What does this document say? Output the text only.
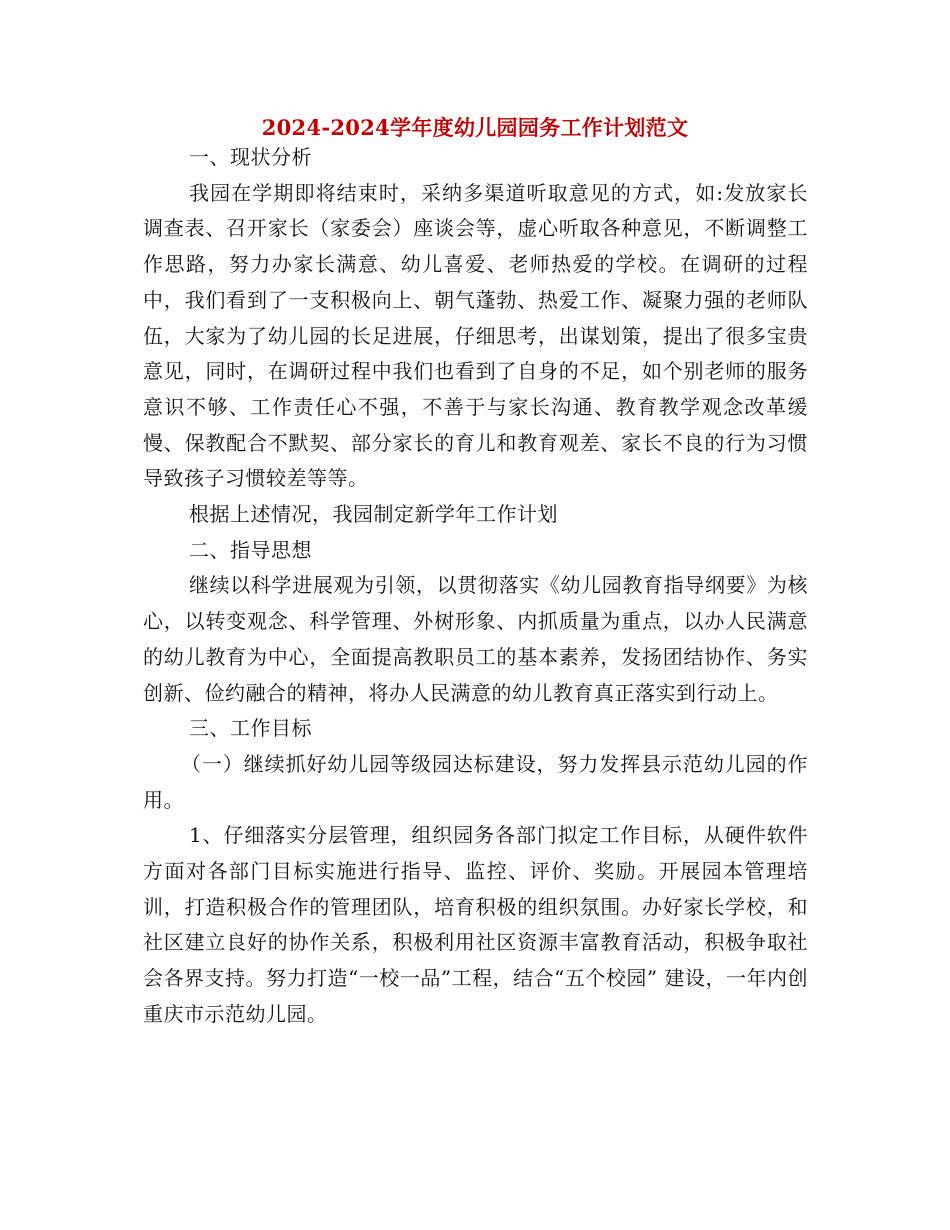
2024-2024学年度幼儿园园务工作计划范文

一、现状分析

我园在学期即将结束时，采纳多渠道听取意见的方式，如:发放家长调查表、召开家长（家委会）座谈会等，虚心听取各种意见，不断调整工作思路，努力办家长满意、幼儿喜爱、老师热爱的学校。在调研的过程中，我们看到了一支积极向上、朝气蓬勃、热爱工作、凝聚力强的老师队伍，大家为了幼儿园的长足进展，仔细思考，出谋划策，提出了很多宝贵意见，同时，在调研过程中我们也看到了自身的不足，如个别老师的服务意识不够、工作责任心不强，不善于与家长沟通、教育教学观念改革缓慢、保教配合不默契、部分家长的育儿和教育观差、家长不良的行为习惯导致孩子习惯较差等等。

根据上述情况，我园制定新学年工作计划

二、指导思想

继续以科学进展观为引领，以贯彻落实《幼儿园教育指导纲要》为核心，以转变观念、科学管理、外树形象、内抓质量为重点，以办人民满意的幼儿教育为中心，全面提高教职员工的基本素养，发扬团结协作、务实创新、俭约融合的精神，将办人民满意的幼儿教育真正落实到行动上。

三、工作目标

（一）继续抓好幼儿园等级园达标建设，努力发挥县示范幼儿园的作用。

1、仔细落实分层管理，组织园务各部门拟定工作目标，从硬件软件方面对各部门目标实施进行指导、监控、评价、奖励。开展园本管理培训，打造积极合作的管理团队，培育积极的组织氛围。办好家长学校，和社区建立良好的协作关系，积极利用社区资源丰富教育活动，积极争取社会各界支持。努力打造“一校一品”工程，结合“五个校园” 建设，一年内创重庆市示范幼儿园。
